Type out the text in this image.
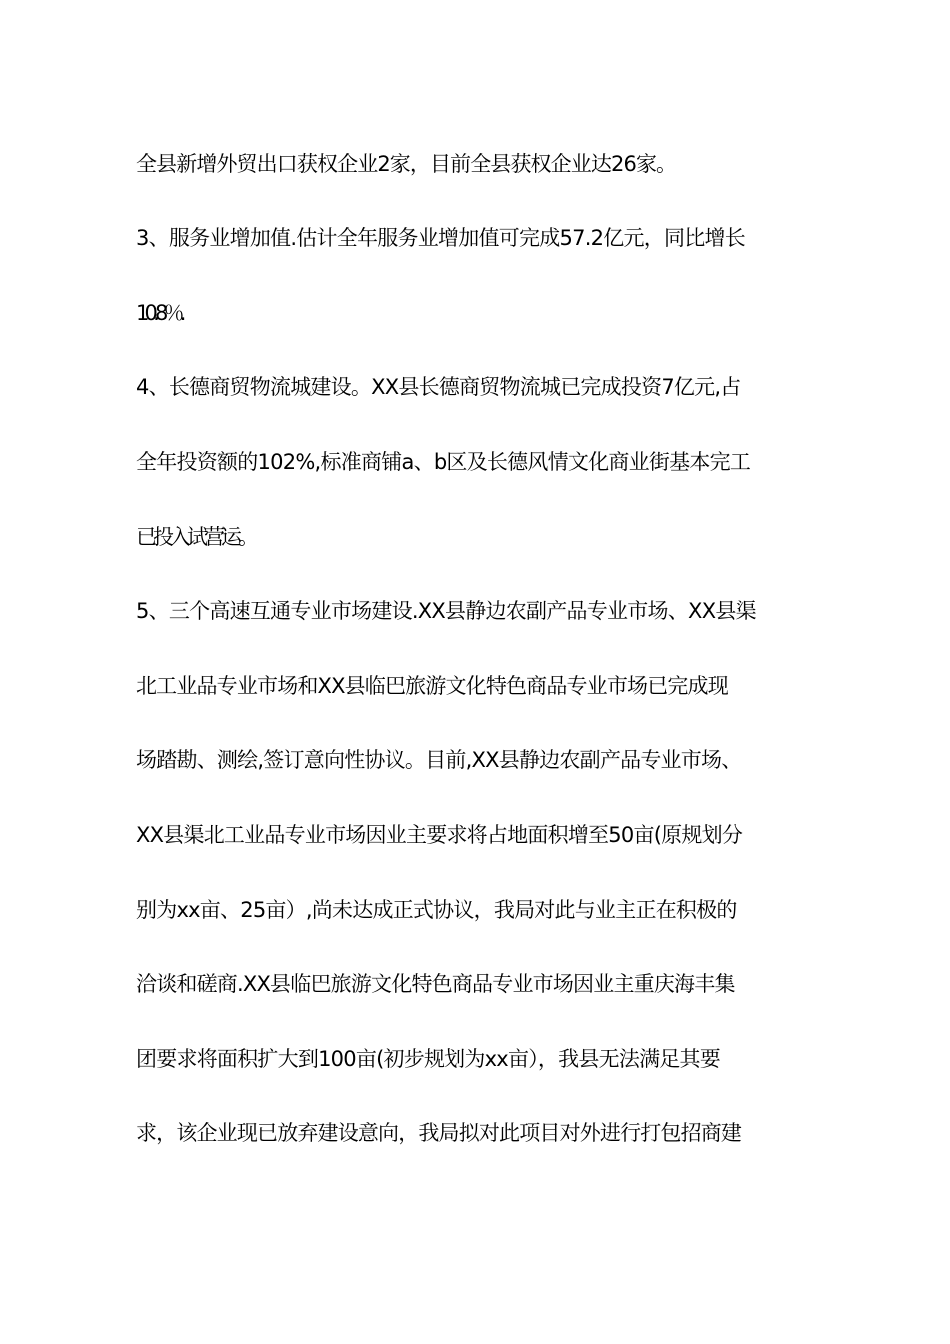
全县新增外贸出口获权企业2家，目前全县获权企业达26家。
3、服务业增加值.估计全年服务业增加值可完成57.2亿元，同比增长
10.8％.
4、长德商贸物流城建设。XX县长德商贸物流城已完成投资7亿元,占
全年投资额的102%,标准商铺a、b区及长德风情文化商业街基本完工
已投入试营运。
5、三个高速互通专业市场建设.XX县静边农副产品专业市场、XX县渠
北工业品专业市场和XX县临巴旅游文化特色商品专业市场已完成现
场踏勘、测绘,签订意向性协议。目前,XX县静边农副产品专业市场、
XX县渠北工业品专业市场因业主要求将占地面积增至50亩(原规划分
别为xx亩、25亩）,尚未达成正式协议，我局对此与业主正在积极的
洽谈和磋商.XX县临巴旅游文化特色商品专业市场因业主重庆海丰集
团要求将面积扩大到100亩(初步规划为xx亩），我县无法满足其要
求，该企业现已放弃建设意向，我局拟对此项目对外进行打包招商建
